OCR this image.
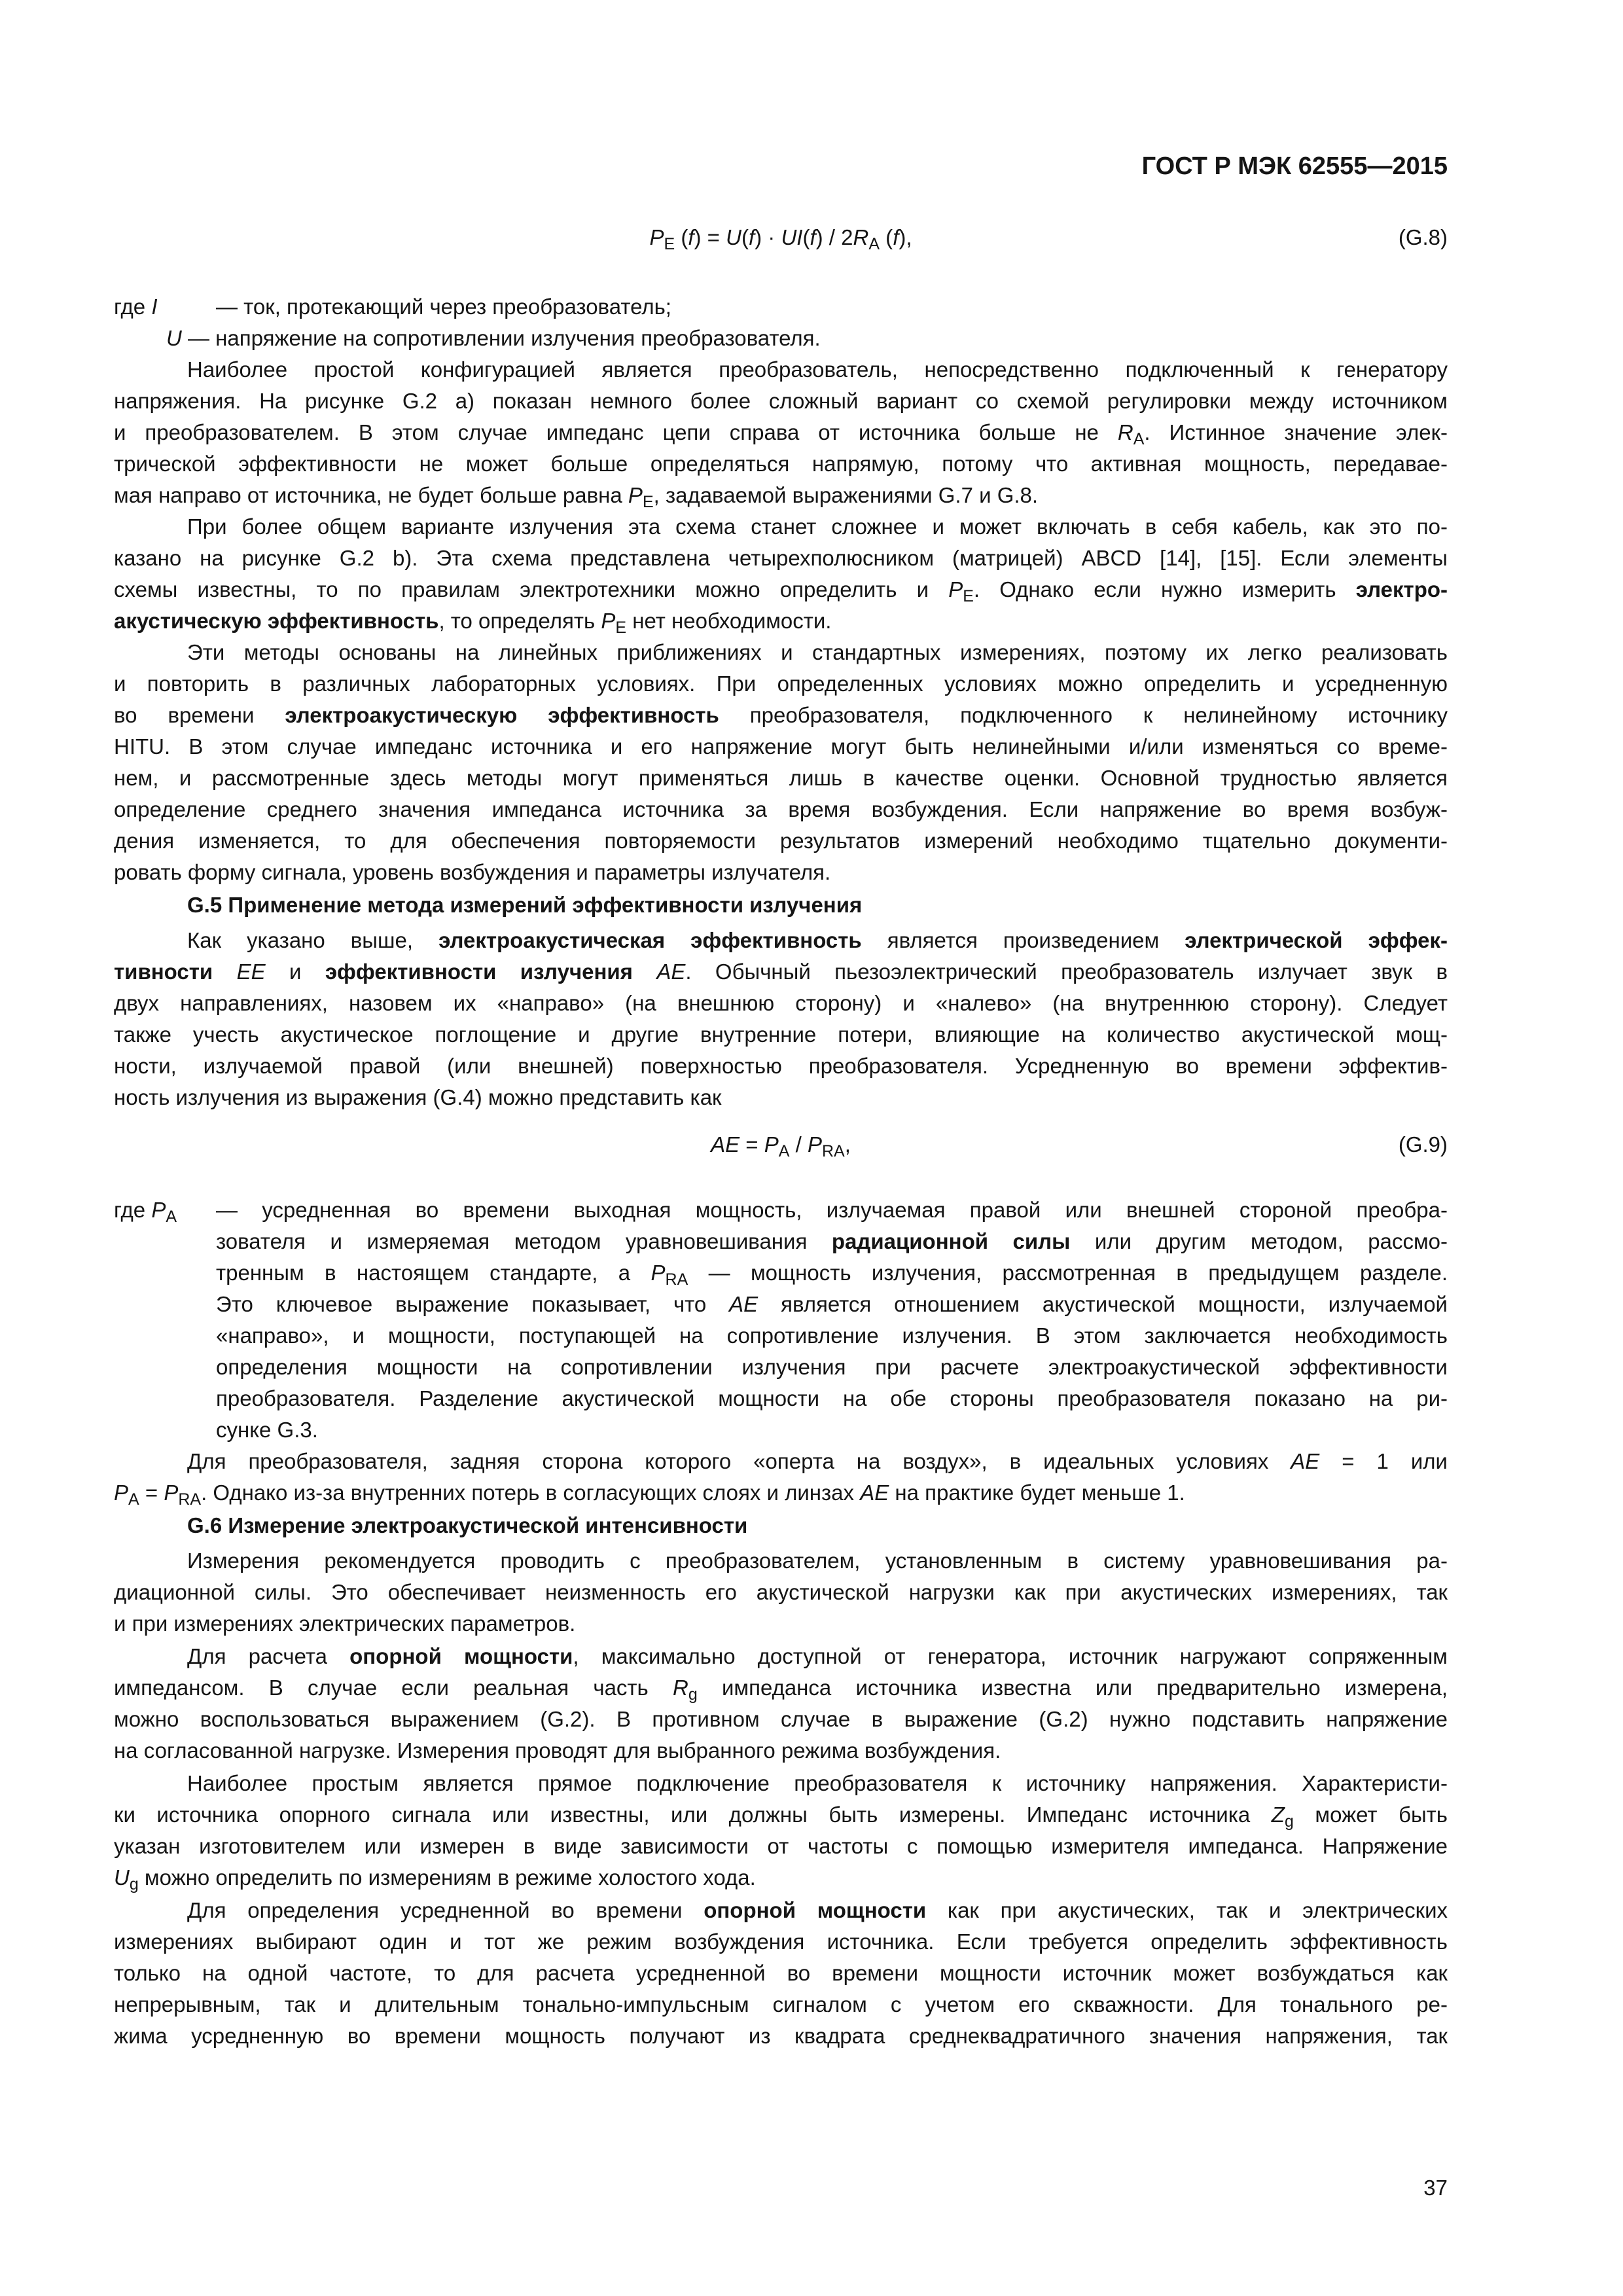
ГОСТ Р МЭК 62555—2015
$P_E$ $(f) = U(f) \cdot UI(f) / 2R_A$ (f),	(G.8)
где I	— ток, протекающий через преобразователь;
U — напряжение на сопротивлении излучения преобразователя.
Наиболее простой конфигурацией является преобразователь, непосредственно подключенный к генератору
напряжения. На рисунке G.2 a) показан немного более сложный вариант со схемой регулировки между источником
и преобразователем. В этом случае импеданс цепи справа от источника больше не $R_A$. Истинное значение элек-
трической эффективности не может больше определяться напрямую, потому что активная мощность, передавае-
мая направо от источника, не будет больше равна $P_E$, задаваемой выражениями G.7 и G.8.
При более общем варианте излучения эта схема станет сложнее и может включать в себя кабель, как это по-
казано на рисунке G.2 b). Эта схема представлена четырехполюсником (матрицей) ABCD [14], [15]. Если элементы
схемы известны, то по правилам электротехники можно определить и $P_E$. Однако если нужно измерить электро-
акустическую эффективность, то определять $P_E$ нет необходимости.
Эти методы основаны на линейных приближениях и стандартных измерениях, поэтому их легко реализовать
и повторить в различных лабораторных условиях. При определенных условиях можно определить и усредненную
во времени электроакустическую эффективность преобразователя, подключенного к нелинейному источнику
HITU. В этом случае импеданс источника и его напряжение могут быть нелинейными и/или изменяться со време-
нем, и рассмотренные здесь методы могут применяться лишь в качестве оценки. Основной трудностью является
определение среднего значения импеданса источника за время возбуждения. Если напряжение во время возбуж-
дения изменяется, то для обеспечения повторяемости результатов измерений необходимо тщательно документи-
ровать форму сигнала, уровень возбуждения и параметры излучателя.
G.5 Применение метода измерений эффективности излучения
Как указано выше, электроакустическая эффективность является произведением электрической эффек-
тивности EE и эффективности излучения AE. Обычный пьезоэлектрический преобразователь излучает звук в
двух направлениях, назовем их «направо» (на внешнюю сторону) и «налево» (на внутреннюю сторону). Следует
также учесть акустическое поглощение и другие внутренние потери, влияющие на количество акустической мощ-
ности, излучаемой правой (или внешней) поверхностью преобразователя. Усредненную во времени эффектив-
ность излучения из выражения (G.4) можно представить как
AE = $P_A / P_{RA}$,	(G.9)
где $P_A$ — усредненная во времени выходная мощность, излучаемая правой или внешней стороной преобра-
зователя и измеряемая методом уравновешивания радиационной силы или другим методом, рассмо-
тренным в настоящем стандарте, а $P_{RA}$ — мощность излучения, рассмотренная в предыдущем разделе.
Это ключевое выражение показывает, что AE является отношением акустической мощности, излучаемой
«направо», и мощности, поступающей на сопротивление излучения. В этом заключается необходимость
определения мощности на сопротивлении излучения при расчете электроакустической эффективности
преобразователя. Разделение акустической мощности на обе стороны преобразователя показано на ри-
сунке G.3.
Для преобразователя, задняя сторона которого «оперта на воздух», в идеальных условиях AE = 1 или
$P_A = P_{RA}$. Однако из-за внутренних потерь в согласующих слоях и линзах AE на практике будет меньше 1.
G.6 Измерение электроакустической интенсивности
Измерения рекомендуется проводить с преобразователем, установленным в систему уравновешивания ра-
диационной силы. Это обеспечивает неизменность его акустической нагрузки как при акустических измерениях, так
и при измерениях электрических параметров.
Для расчета опорной мощности, максимально доступной от генератора, источник нагружают сопряженным
импедансом. В случае если реальная часть $R_g$ импеданса источника известна или предварительно измерена,
можно воспользоваться выражением (G.2). В противном случае в выражение (G.2) нужно подставить напряжение
на согласованной нагрузке. Измерения проводят для выбранного режима возбуждения.
Наиболее простым является прямое подключение преобразователя к источнику напряжения. Характеристи-
ки источника опорного сигнала или известны, или должны быть измерены. Импеданс источника $Z_g$ может быть
указан изготовителем или измерен в виде зависимости от частоты с помощью измерителя импеданса. Напряжение
$U_g$ можно определить по измерениям в режиме холостого хода.
Для определения усредненной во времени опорной мощности как при акустических, так и электрических
измерениях выбирают один и тот же режим возбуждения источника. Если требуется определить эффективность
только на одной частоте, то для расчета усредненной во времени мощности источник может возбуждаться как
непрерывным, так и длительным тонально-импульсным сигналом с учетом его скважности. Для тонального ре-
жима усредненную во времени мощность получают из квадрата среднеквадратичного значения напряжения, так
37
